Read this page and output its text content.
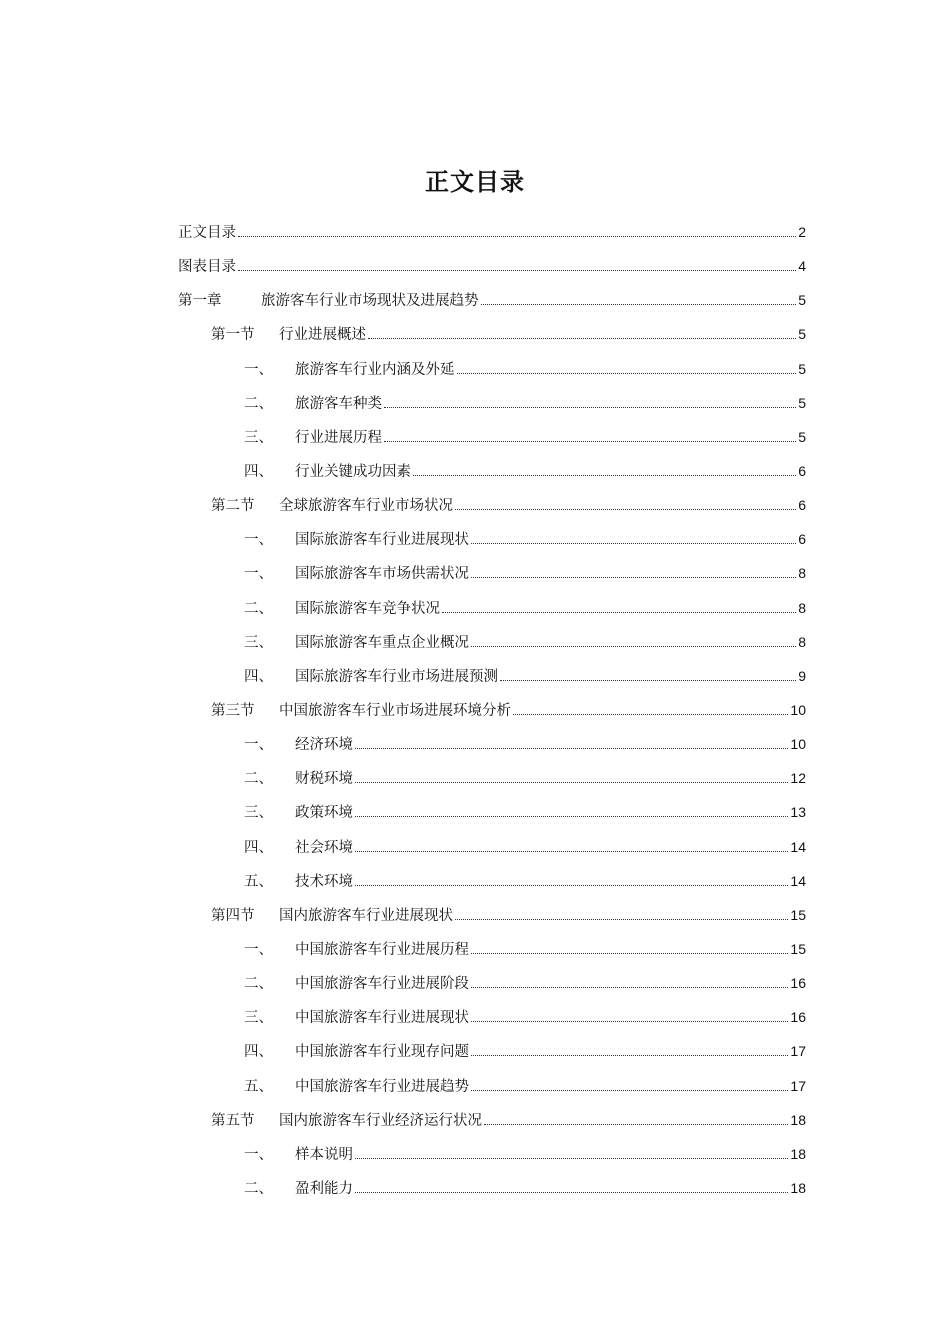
正文目录
正文目录	2
图表目录	4
第一章	旅游客车行业市场现状及进展趋势	5
第一节	行业进展概述	5
一、	旅游客车行业内涵及外延	5
二、	旅游客车种类	5
三、	行业进展历程	5
四、	行业关键成功因素	6
第二节	全球旅游客车行业市场状况	6
一、	国际旅游客车行业进展现状	6
一、	国际旅游客车市场供需状况	8
二、	国际旅游客车竞争状况	8
三、	国际旅游客车重点企业概况	8
四、	国际旅游客车行业市场进展预测	9
第三节	中国旅游客车行业市场进展环境分析	10
一、	经济环境	10
二、	财税环境	12
三、	政策环境	13
四、	社会环境	14
五、	技术环境	14
第四节	国内旅游客车行业进展现状	15
一、	中国旅游客车行业进展历程	15
二、	中国旅游客车行业进展阶段	16
三、	中国旅游客车行业进展现状	16
四、	中国旅游客车行业现存问题	17
五、	中国旅游客车行业进展趋势	17
第五节	国内旅游客车行业经济运行状况	18
一、	样本说明	18
二、	盈利能力	18
